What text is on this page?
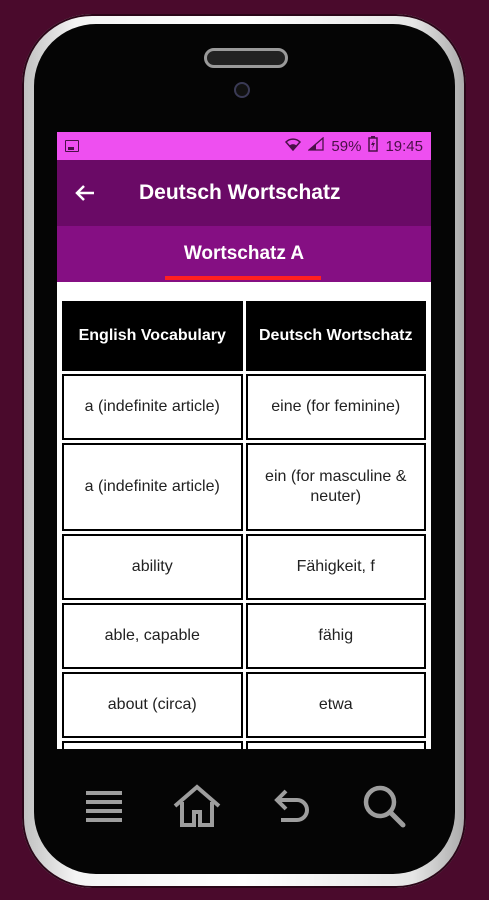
59% 19:45
Deutsch Wortschatz
Wortschatz A
English Vocabulary	Deutsch Wortschatz
a (indefinite article)	eine (for feminine)
a (indefinite article)	ein (for masculine & neuter)
ability	Fähigkeit, f
able, capable	fähig
about (circa)	etwa
